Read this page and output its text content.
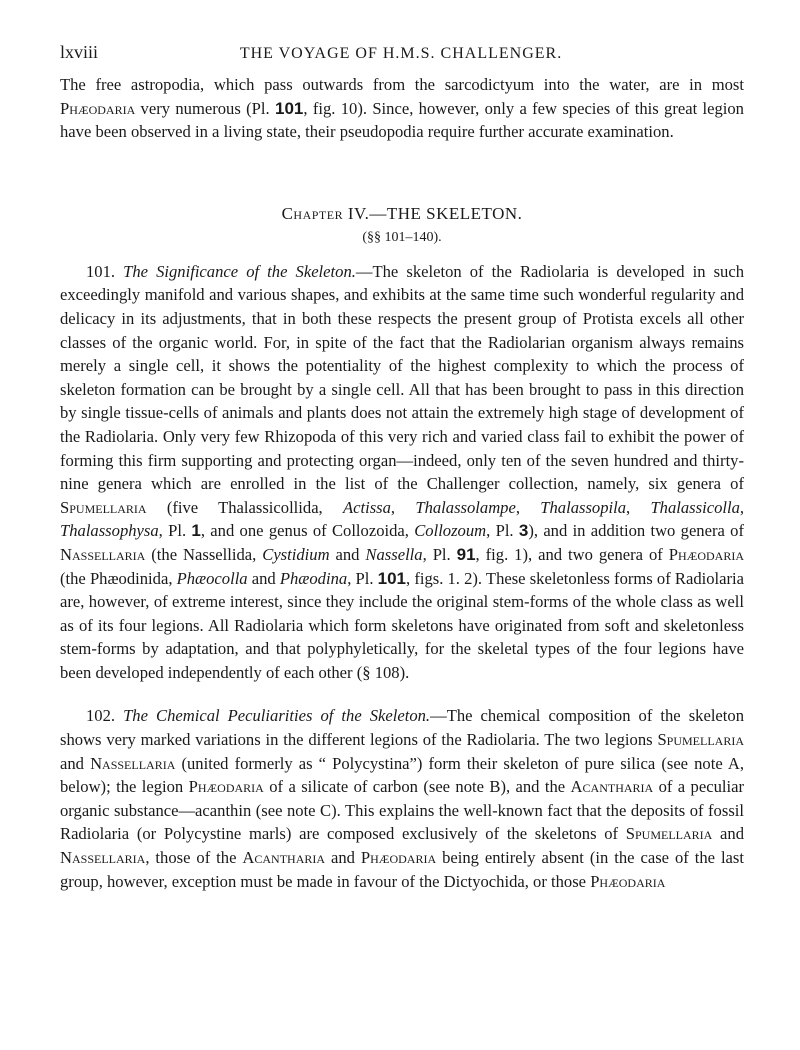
lxviii	THE VOYAGE OF H.M.S. CHALLENGER.

The free astropodia, which pass outwards from the sarcodictyum into the water, are in most Phæodaria very numerous (Pl. 101, fig. 10). Since, however, only a few species of this great legion have been observed in a living state, their pseudopodia require further accurate examination.

Chapter IV.—THE SKELETON.
(§§ 101–140).

101. The Significance of the Skeleton.—The skeleton of the Radiolaria is developed in such exceedingly manifold and various shapes, and exhibits at the same time such wonderful regularity and delicacy in its adjustments, that in both these respects the present group of Protista excels all other classes of the organic world. For, in spite of the fact that the Radiolarian organism always remains merely a single cell, it shows the potentiality of the highest complexity to which the process of skeleton formation can be brought by a single cell. All that has been brought to pass in this direction by single tissue-cells of animals and plants does not attain the extremely high stage of development of the Radiolaria. Only very few Rhizopoda of this very rich and varied class fail to exhibit the power of forming this firm supporting and protecting organ—indeed, only ten of the seven hundred and thirty-nine genera which are enrolled in the list of the Challenger collection, namely, six genera of Spumellaria (five Thalassicollida, Actissa, Thalassolampe, Thalassopila, Thalassicolla, Thalassophysa, Pl. 1, and one genus of Collozoida, Collozoum, Pl. 3), and in addition two genera of Nassellaria (the Nassellida, Cystidium and Nassella, Pl. 91, fig. 1), and two genera of Phæodaria (the Phæodinida, Phæocolla and Phæodina, Pl. 101, figs. 1. 2). These skeletonless forms of Radiolaria are, however, of extreme interest, since they include the original stem-forms of the whole class as well as of its four legions. All Radiolaria which form skeletons have originated from soft and skeletonless stem-forms by adaptation, and that polyphyletically, for the skeletal types of the four legions have been developed independently of each other (§ 108).

102. The Chemical Peculiarities of the Skeleton.—The chemical composition of the skeleton shows very marked variations in the different legions of the Radiolaria. The two legions Spumellaria and Nassellaria (united formerly as “ Polycystina”) form their skeleton of pure silica (see note A, below); the legion Phæodaria of a silicate of carbon (see note B), and the Acantharia of a peculiar organic substance—acanthin (see note C). This explains the well-known fact that the deposits of fossil Radiolaria (or Polycystine marls) are composed exclusively of the skeletons of Spumellaria and Nassellaria, those of the Acantharia and Phæodaria being entirely absent (in the case of the last group, however, exception must be made in favour of the Dictyochida, or those Phæodaria
